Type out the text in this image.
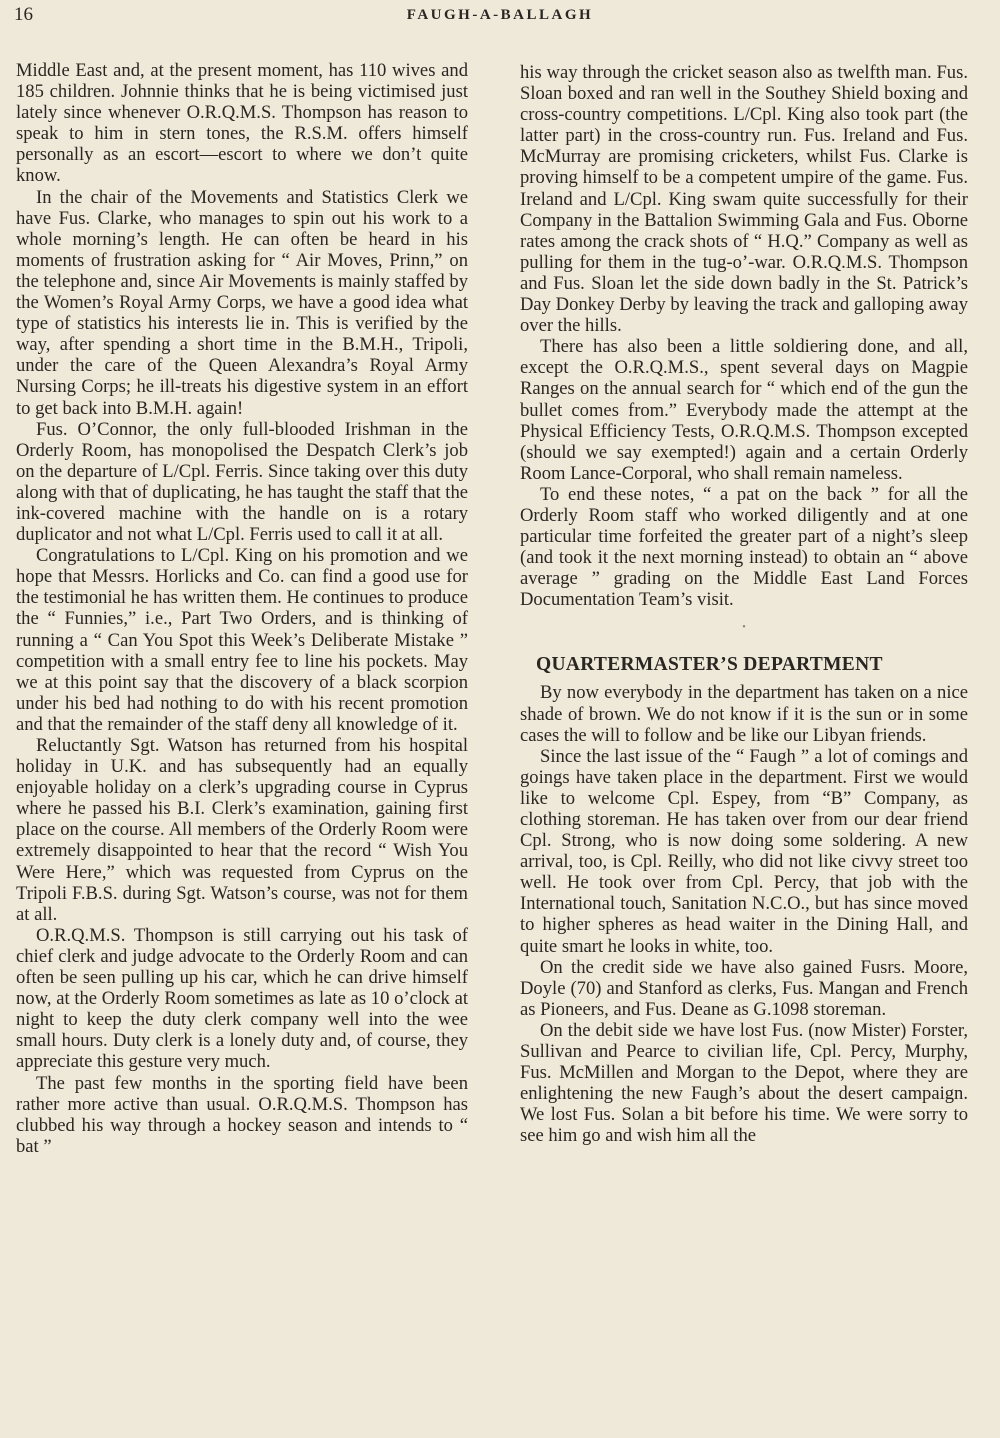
16	FAUGH-A-BALLAGH

Middle East and, at the present moment, has 110 wives and 185 children. Johnnie thinks that he is being victimised just lately since whenever O.R.Q.M.S. Thompson has reason to speak to him in stern tones, the R.S.M. offers himself personally as an escort—escort to where we don’t quite know.

In the chair of the Movements and Statistics Clerk we have Fus. Clarke, who manages to spin out his work to a whole morning’s length. He can often be heard in his moments of frustration asking for “ Air Moves, Prinn,” on the telephone and, since Air Movements is mainly staffed by the Women’s Royal Army Corps, we have a good idea what type of statistics his interests lie in. This is verified by the way, after spending a short time in the B.M.H., Tripoli, under the care of the Queen Alexandra’s Royal Army Nursing Corps; he ill-treats his digestive system in an effort to get back into B.M.H. again!

Fus. O’Connor, the only full-blooded Irishman in the Orderly Room, has monopolised the Despatch Clerk’s job on the departure of L/Cpl. Ferris. Since taking over this duty along with that of duplicating, he has taught the staff that the ink-covered machine with the handle on is a rotary duplicator and not what L/Cpl. Ferris used to call it at all.

Congratulations to L/Cpl. King on his promotion and we hope that Messrs. Horlicks and Co. can find a good use for the testimonial he has written them. He continues to produce the “ Funnies,” i.e., Part Two Orders, and is thinking of running a “ Can You Spot this Week’s Deliberate Mistake ” competition with a small entry fee to line his pockets. May we at this point say that the discovery of a black scorpion under his bed had nothing to do with his recent promotion and that the remainder of the staff deny all knowledge of it.

Reluctantly Sgt. Watson has returned from his hospital holiday in U.K. and has subsequently had an equally enjoyable holiday on a clerk’s upgrading course in Cyprus where he passed his B.I. Clerk’s examination, gaining first place on the course. All members of the Orderly Room were extremely disappointed to hear that the record “ Wish You Were Here,” which was requested from Cyprus on the Tripoli F.B.S. during Sgt. Watson’s course, was not for them at all.

O.R.Q.M.S. Thompson is still carrying out his task of chief clerk and judge advocate to the Orderly Room and can often be seen pulling up his car, which he can drive himself now, at the Orderly Room sometimes as late as 10 o’clock at night to keep the duty clerk company well into the wee small hours. Duty clerk is a lonely duty and, of course, they appreciate this gesture very much.

The past few months in the sporting field have been rather more active than usual. O.R.Q.M.S. Thompson has clubbed his way through a hockey season and intends to “ bat ”

his way through the cricket season also as twelfth man. Fus. Sloan boxed and ran well in the Southey Shield boxing and cross-country competitions. L/Cpl. King also took part (the latter part) in the cross-country run. Fus. Ireland and Fus. McMurray are promising cricketers, whilst Fus. Clarke is proving himself to be a competent umpire of the game. Fus. Ireland and L/Cpl. King swam quite successfully for their Company in the Battalion Swimming Gala and Fus. Oborne rates among the crack shots of “ H.Q.” Company as well as pulling for them in the tug-o’-war. O.R.Q.M.S. Thompson and Fus. Sloan let the side down badly in the St. Patrick’s Day Donkey Derby by leaving the track and galloping away over the hills.

There has also been a little soldiering done, and all, except the O.R.Q.M.S., spent several days on Magpie Ranges on the annual search for “ which end of the gun the bullet comes from.” Everybody made the attempt at the Physical Efficiency Tests, O.R.Q.M.S. Thompson excepted (should we say exempted!) again and a certain Orderly Room Lance-Corporal, who shall remain nameless.

To end these notes, “ a pat on the back ” for all the Orderly Room staff who worked diligently and at one particular time forfeited the greater part of a night’s sleep (and took it the next morning instead) to obtain an “ above average ” grading on the Middle East Land Forces Documentation Team’s visit.

•
QUARTERMASTER’S DEPARTMENT

By now everybody in the department has taken on a nice shade of brown. We do not know if it is the sun or in some cases the will to follow and be like our Libyan friends.

Since the last issue of the “ Faugh ” a lot of comings and goings have taken place in the department. First we would like to welcome Cpl. Espey, from “B” Company, as clothing storeman. He has taken over from our dear friend Cpl. Strong, who is now doing some soldering. A new arrival, too, is Cpl. Reilly, who did not like civvy street too well. He took over from Cpl. Percy, that job with the International touch, Sanitation N.C.O., but has since moved to higher spheres as head waiter in the Dining Hall, and quite smart he looks in white, too.

On the credit side we have also gained Fusrs. Moore, Doyle (70) and Stanford as clerks, Fus. Mangan and French as Pioneers, and Fus. Deane as G.1098 storeman.

On the debit side we have lost Fus. (now Mister) Forster, Sullivan and Pearce to civilian life, Cpl. Percy, Murphy, Fus. McMillen and Morgan to the Depot, where they are enlightening the new Faugh’s about the desert campaign. We lost Fus. Solan a bit before his time. We were sorry to see him go and wish him all the
